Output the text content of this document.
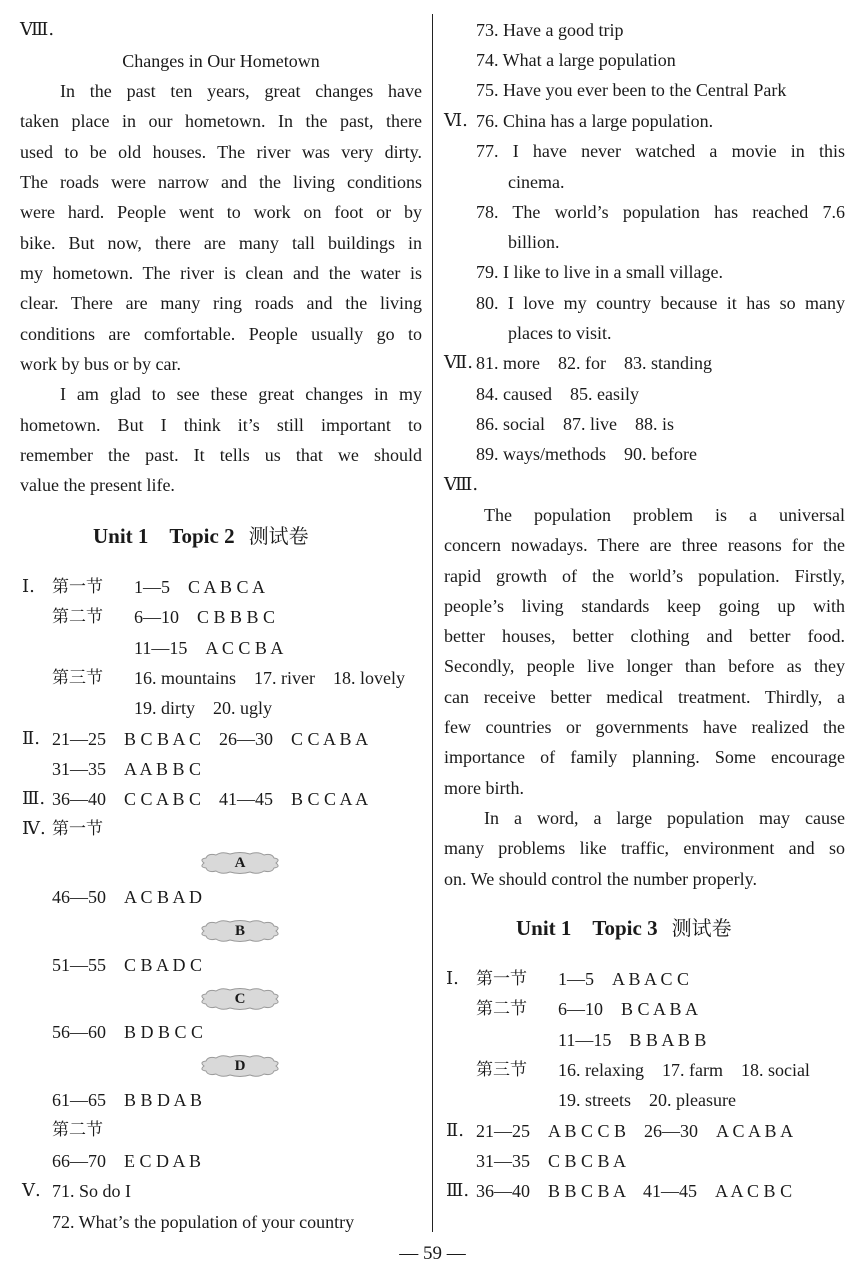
Ⅷ.
Changes in Our Hometown
In the past ten years, great changes have
taken place in our hometown. In the past, there
used to be old houses. The river was very dirty.
The roads were narrow and the living conditions
were hard. People went to work on foot or by
bike. But now, there are many tall buildings in
my hometown. The river is clean and the water is
clear. There are many ring roads and the living
conditions are comfortable. People usually go to
work by bus or by car.
I am glad to see these great changes in my
hometown. But I think it’s still important to
remember the past. It tells us that we should
value the present life.
Unit 1　Topic 2 测试卷
Ⅰ. 第一节 1—5　C A B C A
第二节 6—10　C B B B C
11—15　A C C B A
第三节 16. mountains　17. river　18. lovely
19. dirty　20. ugly
Ⅱ. 21—25　B C B A C　26—30　C C A B A
31—35　A A B B C
Ⅲ. 36—40　C C A B C　41—45　B C C A A
Ⅳ. 第一节
A
46—50　A C B A D
B
51—55　C B A D C
C
56—60　B D B C C
D
61—65　B B D A B
第二节
66—70　E C D A B
Ⅴ. 71. So do I
72. What’s the population of your country
73. Have a good trip
74. What a large population
75. Have you ever been to the Central Park
Ⅵ. 76. China has a large population.
77. I have never watched a movie in this
cinema.
78. The world’s population has reached 7.6
billion.
79. I like to live in a small village.
80. I love my country because it has so many
places to visit.
Ⅶ. 81. more　82. for　83. standing
84. caused　85. easily
86. social　87. live　88. is
89. ways/methods　90. before
Ⅷ.
The population problem is a universal
concern nowadays. There are three reasons for the
rapid growth of the world’s population. Firstly,
people’s living standards keep going up with
better houses, better clothing and better food.
Secondly, people live longer than before as they
can receive better medical treatment. Thirdly, a
few countries or governments have realized the
importance of family planning. Some encourage
more birth.
In a word, a large population may cause
many problems like traffic, environment and so
on. We should control the number properly.
Unit 1　Topic 3 测试卷
Ⅰ. 第一节 1—5　A B A C C
第二节 6—10　B C A B A
11—15　B B A B B
第三节 16. relaxing　17. farm　18. social
19. streets　20. pleasure
Ⅱ. 21—25　A B C C B　26—30　A C A B A
31—35　C B C B A
Ⅲ. 36—40　B B C B A　41—45　A A C B C
— 59 —
